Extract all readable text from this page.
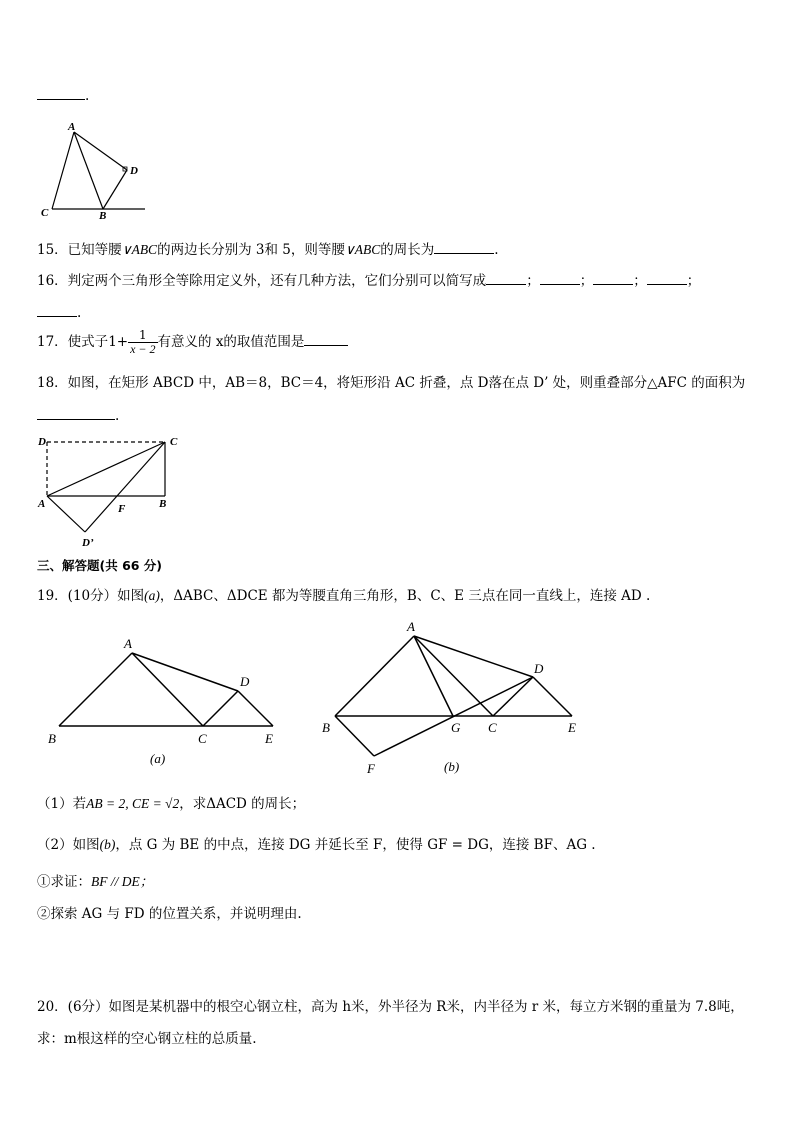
.
A
D
C	B
D	C
A	F	B
D’
A
D
B	C	E
(a)
A
D
B	G C	E
F	(b)
15．已知等腰∨ABC的两边长分别为 3和 5，则等腰∨ABC的周长为	.
16．判定两个三角形全等除用定义外，还有几种方法，它们分别可以简写成	；	；	；	；
.
17．使式子$1+ \frac{1}{x - 2}$ 有意义的 x的取值范围是
18．如图，在矩形 ABCD 中，AB＝8，BC＝4，将矩形沿 AC 折叠，点 D落在点 D’ 处，则重叠部分△AFC 的面积为
.
三、解答题(共 66 分)
19．(10分）如图(a)，ΔABC、ΔDCE 都为等腰直角三角形，B、C、E 三点在同一直线上，连接 AD .
（1）若AB = 2, CE = √2，求ΔACD 的周长；
（2）如图(b)，点 G 为 BE 的中点，连接 DG 并延长至 F，使得 GF = DG，连接 BF、AG .
①求证：BF // DE；
②探索 AG 与 FD 的位置关系，并说明理由.
20．(6分）如图是某机器中的根空心钢立柱，高为 h米，外半径为 R米，内半径为 r 米，每立方米钢的重量为 7.8吨，
求：m根这样的空心钢立柱的总质量.
